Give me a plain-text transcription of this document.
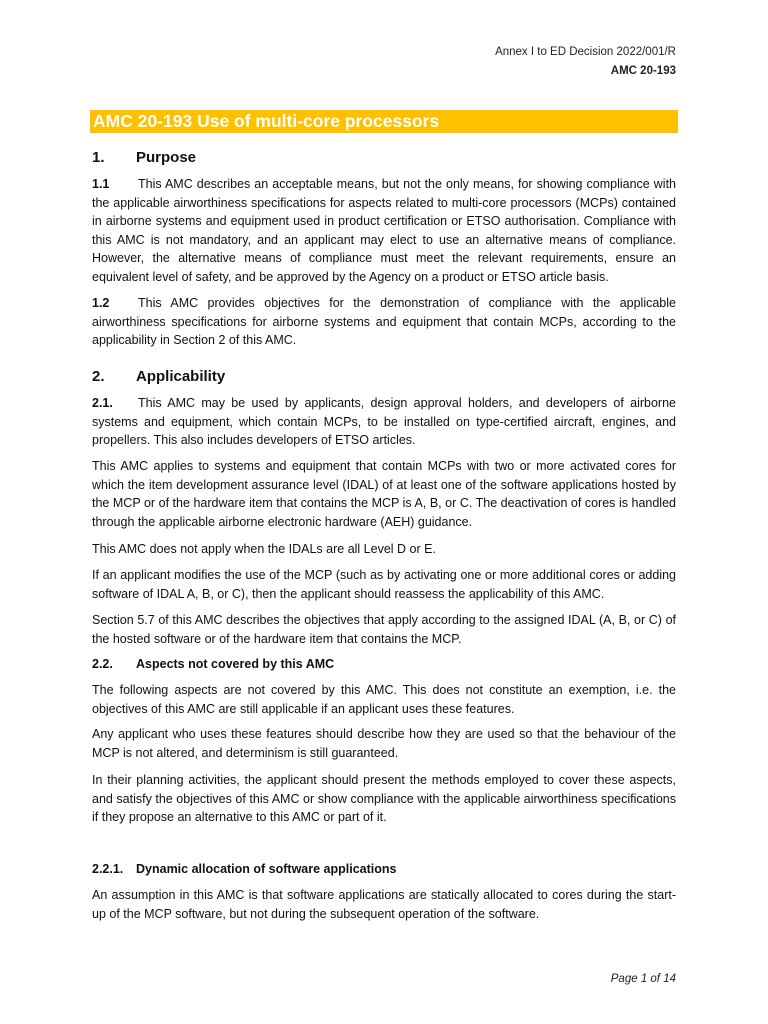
Annex I to ED Decision 2022/001/R
AMC 20-193
AMC 20-193 Use of multi-core processors
1. Purpose

1.1 This AMC describes an acceptable means, but not the only means, for showing compliance with the applicable airworthiness specifications for aspects related to multi-core processors (MCPs) contained in airborne systems and equipment used in product certification or ETSO authorisation. Compliance with this AMC is not mandatory, and an applicant may elect to use an alternative means of compliance. However, the alternative means of compliance must meet the relevant requirements, ensure an equivalent level of safety, and be approved by the Agency on a product or ETSO article basis.

1.2 This AMC provides objectives for the demonstration of compliance with the applicable airworthiness specifications for airborne systems and equipment that contain MCPs, according to the applicability in Section 2 of this AMC.

2. Applicability

2.1. This AMC may be used by applicants, design approval holders, and developers of airborne systems and equipment, which contain MCPs, to be installed on type-certified aircraft, engines, and propellers. This also includes developers of ETSO articles.

This AMC applies to systems and equipment that contain MCPs with two or more activated cores for which the item development assurance level (IDAL) of at least one of the software applications hosted by the MCP or of the hardware item that contains the MCP is A, B, or C. The deactivation of cores is handled through the applicable airborne electronic hardware (AEH) guidance.

This AMC does not apply when the IDALs are all Level D or E.

If an applicant modifies the use of the MCP (such as by activating one or more additional cores or adding software of IDAL A, B, or C), then the applicant should reassess the applicability of this AMC.

Section 5.7 of this AMC describes the objectives that apply according to the assigned IDAL (A, B, or C) of the hosted software or of the hardware item that contains the MCP.

2.2. Aspects not covered by this AMC

The following aspects are not covered by this AMC. This does not constitute an exemption, i.e. the objectives of this AMC are still applicable if an applicant uses these features.

Any applicant who uses these features should describe how they are used so that the behaviour of the MCP is not altered, and determinism is still guaranteed.

In their planning activities, the applicant should present the methods employed to cover these aspects, and satisfy the objectives of this AMC or show compliance with the applicable airworthiness specifications if they propose an alternative to this AMC or part of it.

2.2.1. Dynamic allocation of software applications

An assumption in this AMC is that software applications are statically allocated to cores during the start-up of the MCP software, but not during the subsequent operation of the software.

Page 1 of 14
